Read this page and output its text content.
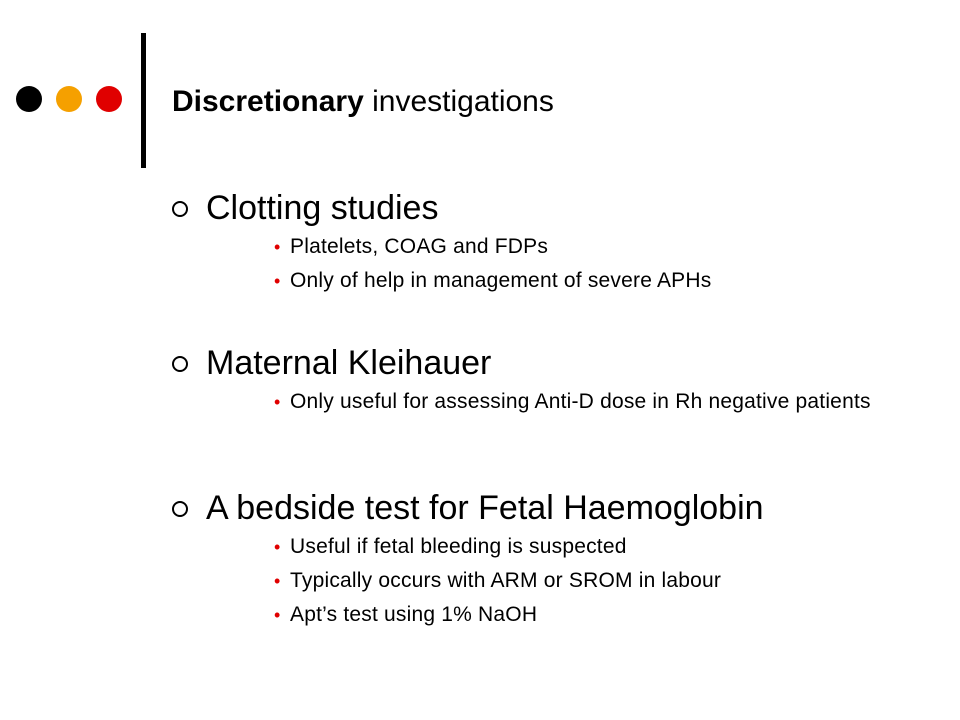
Discretionary investigations
Clotting studies
• Platelets, COAG and FDPs
• Only of help in management of severe APHs
Maternal Kleihauer
• Only useful for assessing Anti-D dose in Rh negative patients
A bedside test for Fetal Haemoglobin
• Useful if fetal bleeding is suspected
• Typically occurs with ARM or SROM in labour
• Apt’s test using 1% NaOH
